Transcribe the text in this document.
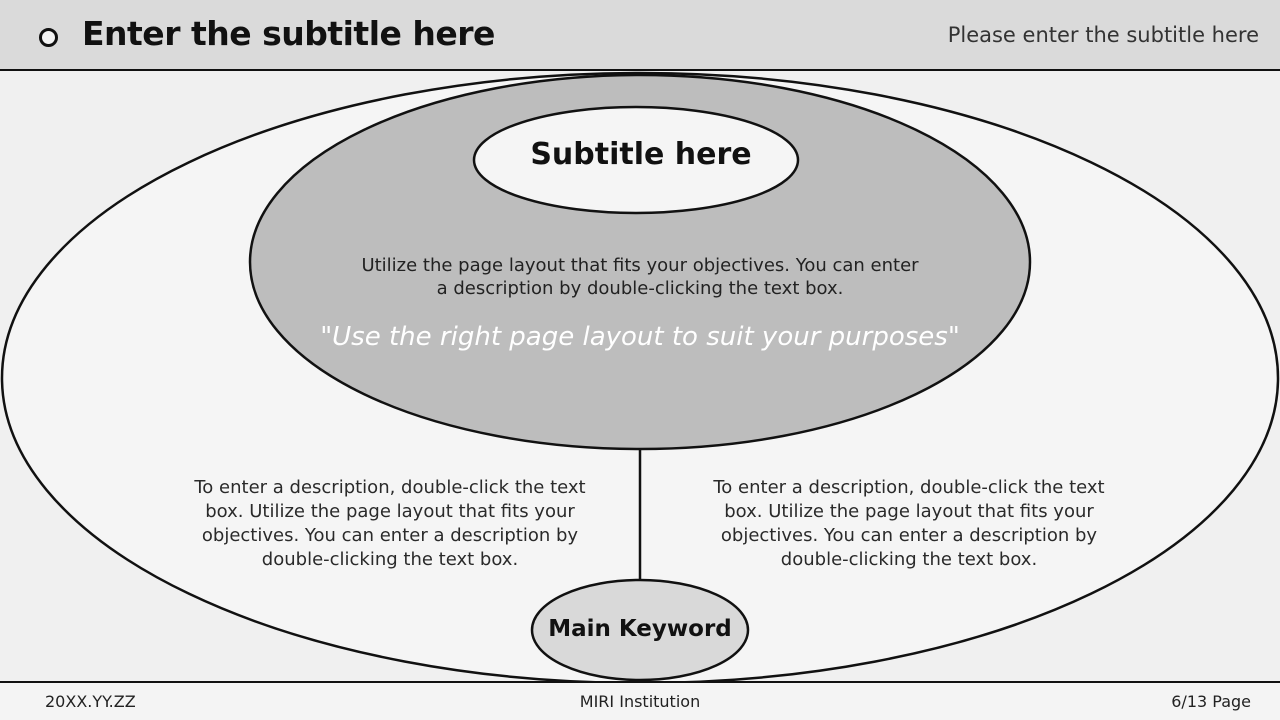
Enter the subtitle here	Please enter the subtitle here
Subtitle here
Utilize the page layout that fits your objectives. You can enter a description by double-clicking the text box.
"Use the right page layout to suit your purposes"
To enter a description, double-click the text box. Utilize the page layout that fits your objectives. You can enter a description by double-clicking the text box.
To enter a description, double-click the text box. Utilize the page layout that fits your objectives. You can enter a description by double-clicking the text box.
Main Keyword
20XX.YY.ZZ	MIRI Institution	6/13 Page
